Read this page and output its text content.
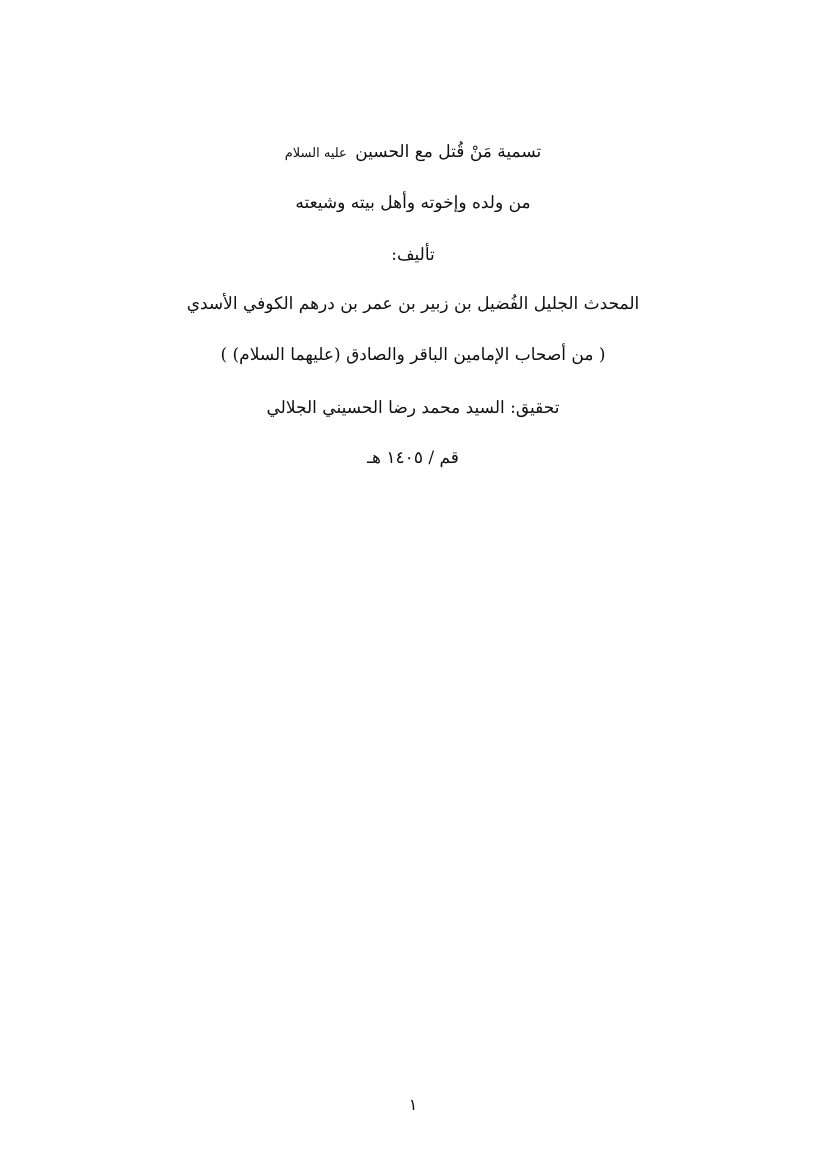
تسمية مَنْ قُتل مع الحسين عليه السلام
من ولده وإخوته وأهل بيته وشيعته
تأليف:
المحدث الجليل الفُضيل بن زبير بن عمر بن درهم الكوفي الأسدي
( من أصحاب الإمامين الباقر والصادق (عليهما السلام) )
تحقيق: السيد محمد رضا الحسيني الجلالي
قم / ١٤٠٥ هـ
١
